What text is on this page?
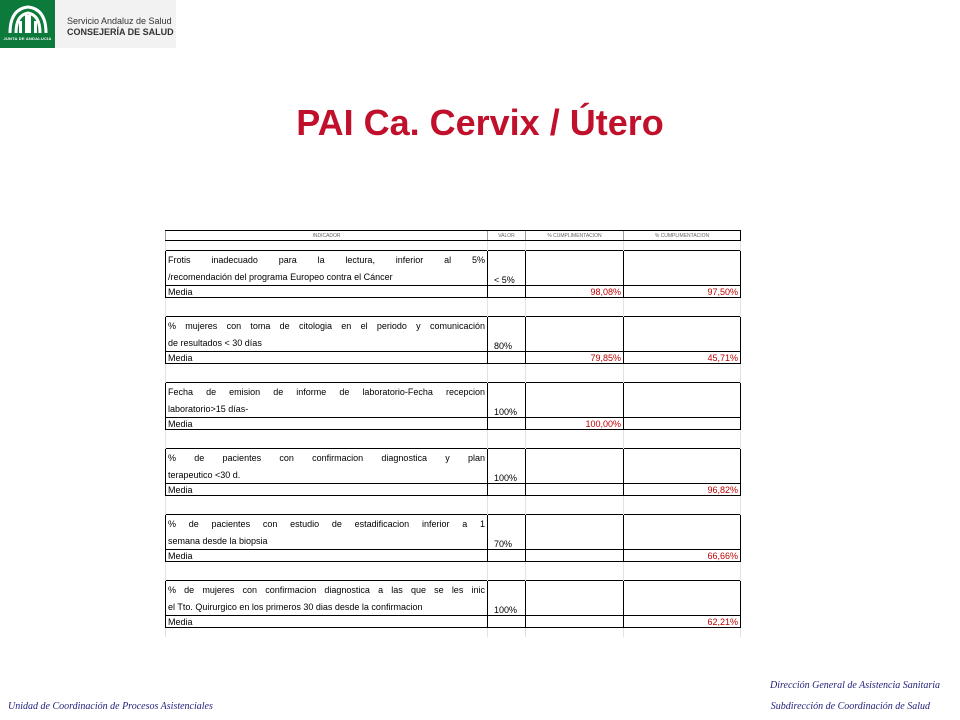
JUNTA DE ANDALUCIA
Servicio Andaluz de Salud
CONSEJERÍA DE SALUD
PAI Ca. Cervix / Útero
INDICADOR	VALOR	% CUMPLIMENTACION	% CUMPLIMENTACION

Frotis inadecuado para la lectura, inferior al 5%	< 5%		
/recomendación del programa Europeo contra el Cáncer			
Media		98,08%	97,50%

% mujeres con toma de citologia en el periodo y comunicación	80%		
de resultados < 30 días			
Media		79,85%	45,71%

Fecha de emision de informe de laboratorio-Fecha recepcion	100%		
laboratorio>15 días-			
Media		100,00%	

% de pacientes con confirmacion diagnostica y plan	100%		
terapeutico <30 d.			
Media			96,82%

% de pacientes con estudio de estadificacion inferior a 1	70%		
semana desde la biopsia			
Media			66,66%

% de mujeres con confirmacion diagnostica a las que se les inic	100%		
el Tto. Quirurgico en los primeros 30 dias desde la confirmacion			
Media			62,21%

Unidad de Coordinación de Procesos Asistenciales
Dirección General de Asistencia Sanitaria
Subdirección de Coordinación de Salud
